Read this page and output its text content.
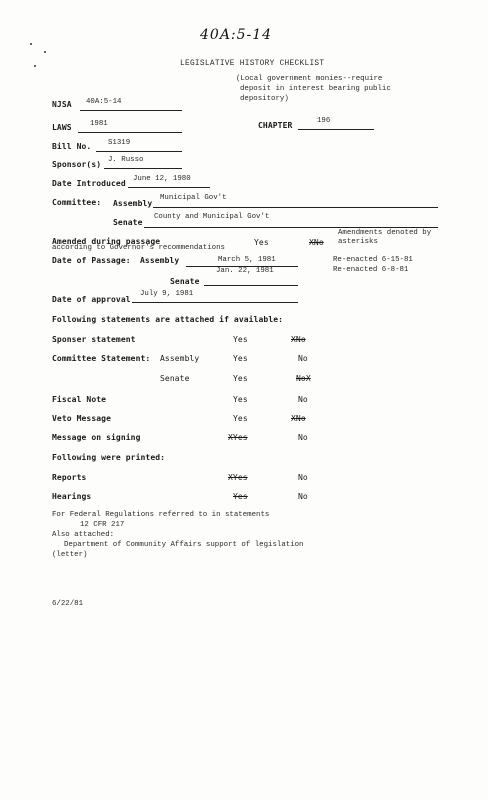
40A:5-14
LEGISLATIVE HISTORY CHECKLIST
(Local government monies--require
deposit in interest bearing public
depository)
NJSA 40A:5-14
LAWS 1981	CHAPTER	196
Bill No. S1319
Sponsor(s) J. Russo
Date Introduced June 12, 1980
Committee: Assembly
Municipal Gov't
Senate
County and Municipal Gov't
Amended during passage
according to Governor's recommendations
Yes	XNo
Amendments denoted by
asterisks
Date of Passage: Assembly	March 5, 1981	Re-enacted 6-15-81
Jan. 22, 1981	Re-enacted 6-8-81
Senate
July 9, 1981
Date of approval
Following statements are attached if available:
Sponser statement	Yes	XNo
Committee Statement: Assembly	Yes	No
Senate	Yes	NoX
Fiscal Note	Yes	No
Veto Message	Yes	XNo
Message on signing	XYes	No
Following were printed:
Reports	XYes	No
Hearings	Yes	No
For Federal Regulations referred to in statements
12 CFR 217
Also attached:
Department of Community Affairs support of legislation
(letter)
6/22/81
